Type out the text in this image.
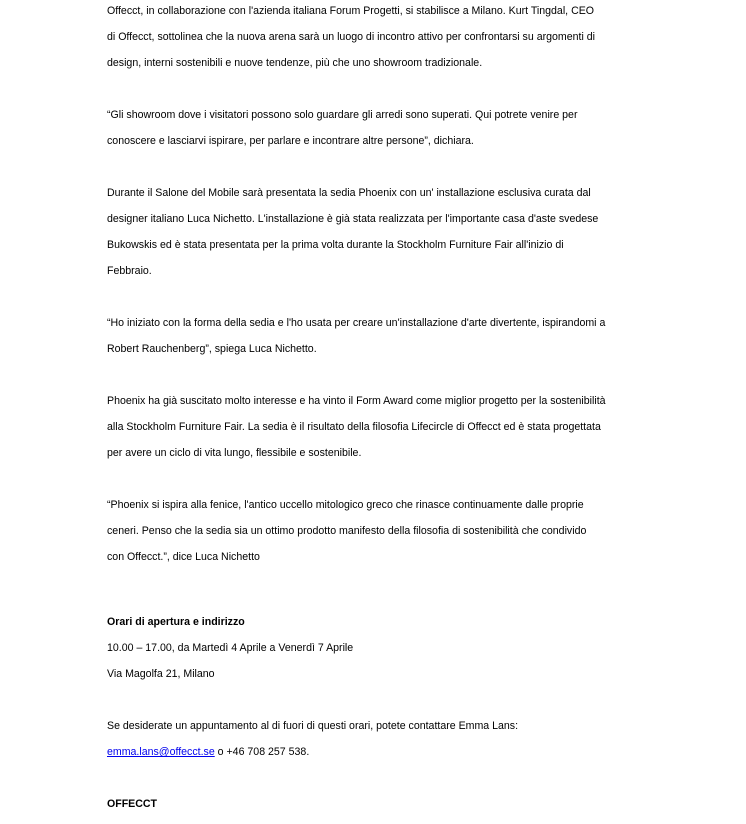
Offecct, in collaborazione con l'azienda italiana Forum Progetti, si stabilisce a Milano. Kurt Tingdal, CEO

di Offecct, sottolinea che la nuova arena sarà un luogo di incontro attivo per confrontarsi su argomenti di

design, interni sostenibili e nuove tendenze, più che uno showroom tradizionale.

“Gli showroom dove i visitatori possono solo guardare gli arredi sono superati. Qui potrete venire per

conoscere e lasciarvi ispirare, per parlare e incontrare altre persone”, dichiara.

Durante il Salone del Mobile sarà presentata la sedia Phoenix con un' installazione esclusiva curata dal

designer italiano Luca Nichetto. L'installazione è già stata realizzata per l'importante casa d'aste svedese

Bukowskis ed è stata presentata per la prima volta durante la Stockholm Furniture Fair all'inizio di

Febbraio.

“Ho iniziato con la forma della sedia e l'ho usata per creare un'installazione d'arte divertente, ispirandomi a

Robert Rauchenberg”, spiega Luca Nichetto.

Phoenix ha già suscitato molto interesse e ha vinto il Form Award come miglior progetto per la sostenibilità

alla Stockholm Furniture Fair. La sedia è il risultato della filosofia Lifecircle di Offecct ed è stata progettata

per avere un ciclo di vita lungo, flessibile e sostenibile.

“Phoenix si ispira alla fenice, l'antico uccello mitologico greco che rinasce continuamente dalle proprie

ceneri. Penso che la sedia sia un ottimo prodotto manifesto della filosofia di sostenibilità che condivido

con Offecct.”, dice Luca Nichetto

Orari di apertura e indirizzo

10.00 – 17.00, da Martedì 4 Aprile a Venerdì 7 Aprile

Via Magolfa 21, Milano

Se desiderate un appuntamento al di fuori di questi orari, potete contattare Emma Lans:

emma.lans@offecct.se o +46 708 257 538.

OFFECCT
